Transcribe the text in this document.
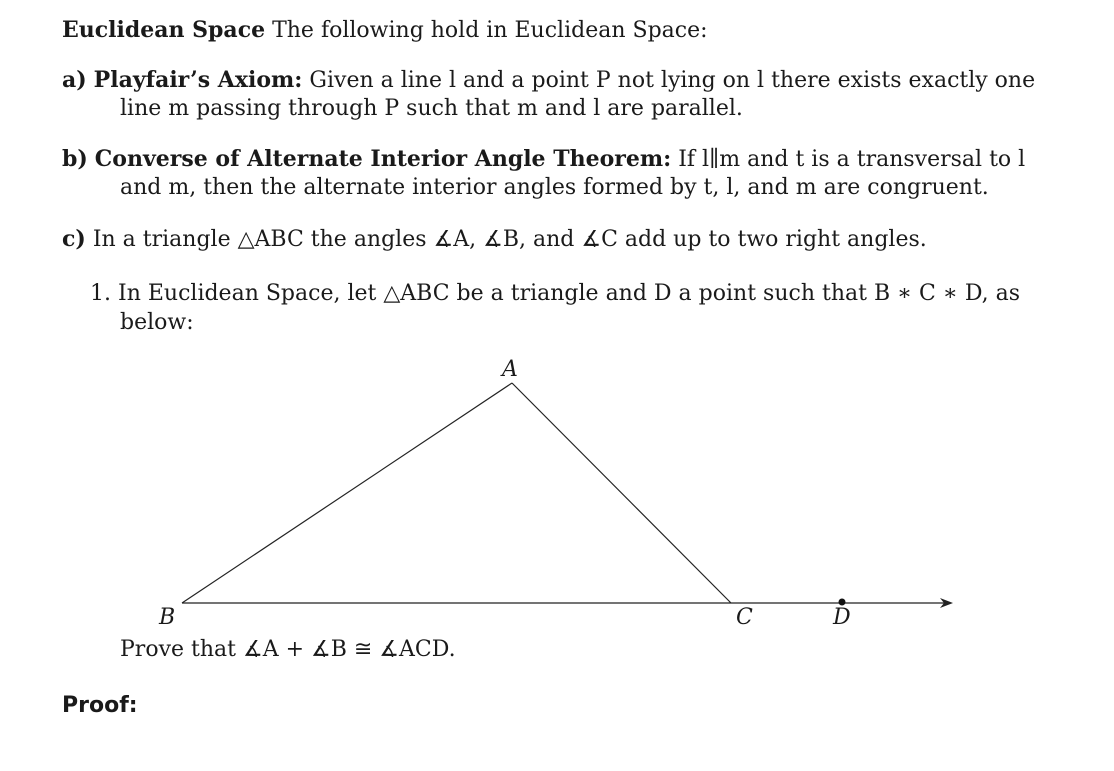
Euclidean Space The following hold in Euclidean Space:
a) Playfair’s Axiom: Given a line l and a point P not lying on l there exists exactly one
line m passing through P such that m and l are parallel.
b) Converse of Alternate Interior Angle Theorem: If l∥m and t is a transversal to l
and m, then the alternate interior angles formed by t, l, and m are congruent.
c) In a triangle △ABC the angles ∡A, ∡B, and ∡C add up to two right angles.
1. In Euclidean Space, let △ABC be a triangle and D a point such that B ∗ C ∗ D, as
below:
A
B	C	D
Prove that ∡A + ∡B ≅ ∡ACD.
Proof:
